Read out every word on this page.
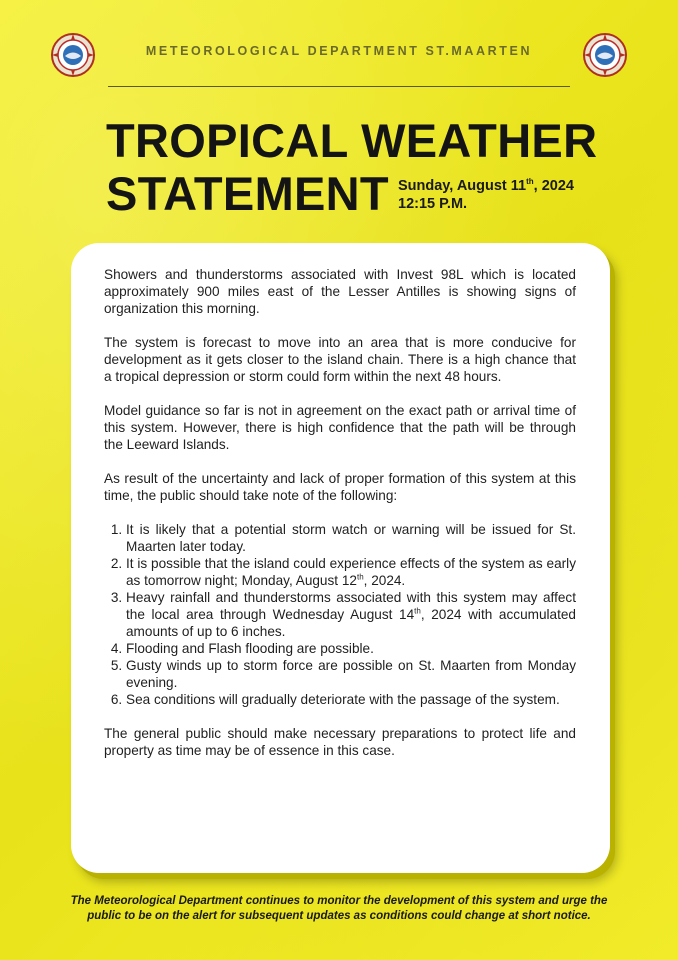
METEOROLOGICAL DEPARTMENT ST.MAARTEN
TROPICAL WEATHER
STATEMENT Sunday, August 11th, 2024
12:15 P.M.

Showers and thunderstorms associated with Invest 98L which is located approximately 900 miles east of the Lesser Antilles is showing signs of organization this morning.

The system is forecast to move into an area that is more conducive for development as it gets closer to the island chain. There is a high chance that a tropical depression or storm could form within the next 48 hours.

Model guidance so far is not in agreement on the exact path or arrival time of this system. However, there is high confidence that the path will be through the Leeward Islands.

As result of the uncertainty and lack of proper formation of this system at this time, the public should take note of the following:

1. It is likely that a potential storm watch or warning will be issued for St. Maarten later today.
2. It is possible that the island could experience effects of the system as early as tomorrow night; Monday, August 12th, 2024.
3. Heavy rainfall and thunderstorms associated with this system may affect the local area through Wednesday August 14th, 2024 with accumulated amounts of up to 6 inches.
4. Flooding and Flash flooding are possible.
5. Gusty winds up to storm force are possible on St. Maarten from Monday evening.
6. Sea conditions will gradually deteriorate with the passage of the system.

The general public should make necessary preparations to protect life and property as time may be of essence in this case.

The Meteorological Department continues to monitor the development of this system and urge the public to be on the alert for subsequent updates as conditions could change at short notice.
